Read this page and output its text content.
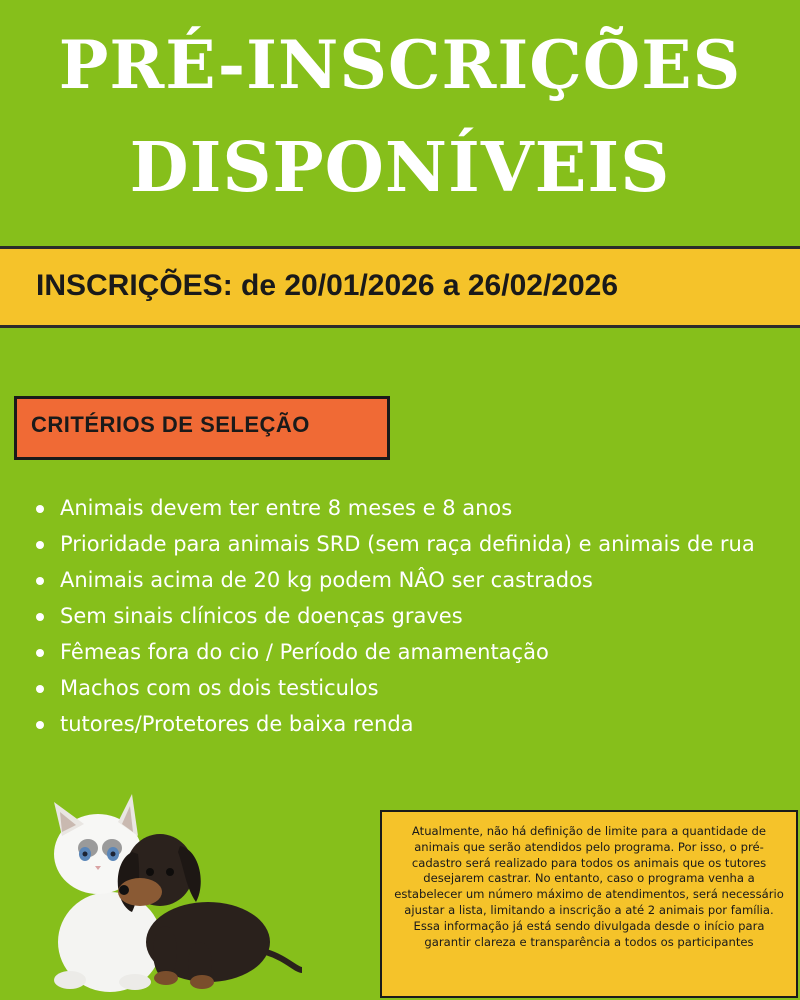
PRÉ-INSCRIÇÕES
DISPONÍVEIS
INSCRIÇÕES: de 20/01/2026 a 26/02/2026
CRITÉRIOS DE SELEÇÃO
Animais devem ter entre 8 meses e 8 anos
Prioridade para animais SRD (sem raça definida) e animais de rua
Animais acima de 20 kg podem NÂO ser castrados
Sem sinais clínicos de doenças graves
Fêmeas fora do cio / Período de amamentação
Machos com os dois testiculos
tutores/Protetores de baixa renda

Atualmente, não há definição de limite para a quantidade de animais que serão atendidos pelo programa. Por isso, o pré-cadastro será realizado para todos os animais que os tutores desejarem castrar. No entanto, caso o programa venha a estabelecer um número máximo de atendimentos, será necessário ajustar a lista, limitando a inscrição a até 2 animais por família. Essa informação já está sendo divulgada desde o início para garantir clareza e transparência a todos os participantes
